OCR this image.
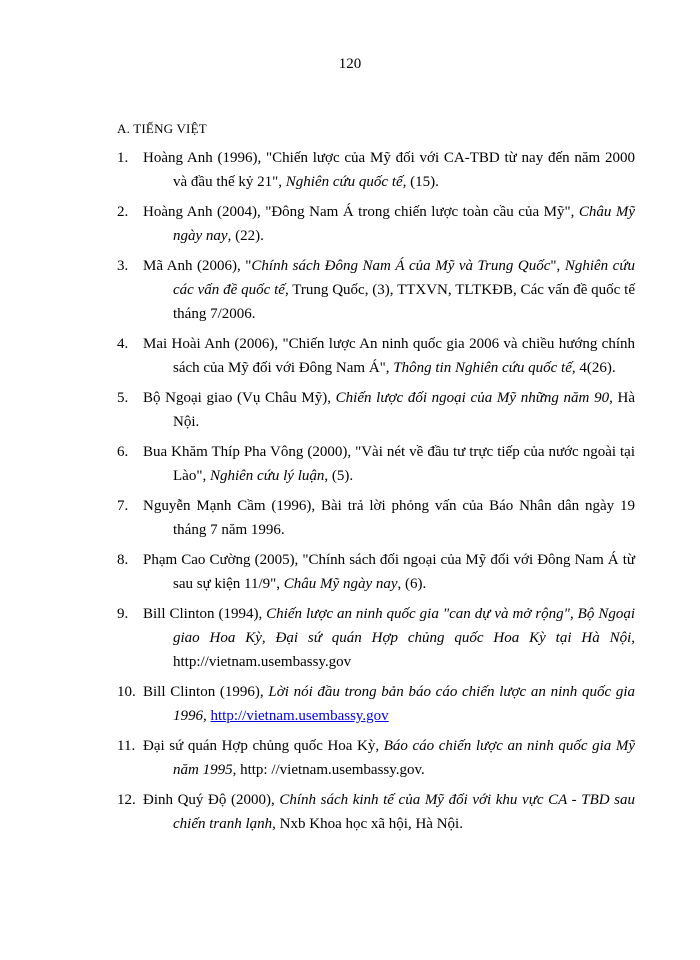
120
A. TIẾNG VIỆT
1. Hoàng Anh (1996), "Chiến lược của Mỹ đối với CA-TBD từ nay đến năm 2000 và đầu thế kỷ 21", Nghiên cứu quốc tế, (15).
2. Hoàng Anh (2004), "Đông Nam Á trong chiến lược toàn cầu của Mỹ", Châu Mỹ ngày nay, (22).
3. Mã Anh (2006), "Chính sách Đông Nam Á của Mỹ và Trung Quốc", Nghiên cứu các vấn đề quốc tế, Trung Quốc, (3), TTXVN, TLTKĐB, Các vấn đề quốc tế tháng 7/2006.
4. Mai Hoài Anh (2006), "Chiến lược An ninh quốc gia 2006 và chiều hướng chính sách của Mỹ đối với Đông Nam Á", Thông tin Nghiên cứu quốc tế, 4(26).
5. Bộ Ngoại giao (Vụ Châu Mỹ), Chiến lược đối ngoại của Mỹ những năm 90, Hà Nội.
6. Bua Khăm Thíp Pha Vông (2000), "Vài nét về đầu tư trực tiếp của nước ngoài tại Lào", Nghiên cứu lý luận, (5).
7. Nguyễn Mạnh Cầm (1996), Bài trả lời phỏng vấn của Báo Nhân dân ngày 19 tháng 7 năm 1996.
8. Phạm Cao Cường (2005), "Chính sách đối ngoại của Mỹ đối với Đông Nam Á từ sau sự kiện 11/9", Châu Mỹ ngày nay, (6).
9. Bill Clinton (1994), Chiến lược an ninh quốc gia "can dự và mở rộng", Bộ Ngoại giao Hoa Kỳ, Đại sứ quán Hợp chủng quốc Hoa Kỳ tại Hà Nội, http://vietnam.usembassy.gov
10. Bill Clinton (1996), Lời nói đầu trong bản báo cáo chiến lược an ninh quốc gia 1996, http://vietnam.usembassy.gov
11. Đại sứ quán Hợp chủng quốc Hoa Kỳ, Báo cáo chiến lược an ninh quốc gia Mỹ năm 1995, http: //vietnam.usembassy.gov.
12. Đinh Quý Độ (2000), Chính sách kinh tế của Mỹ đối với khu vực CA - TBD sau chiến tranh lạnh, Nxb Khoa học xã hội, Hà Nội.
